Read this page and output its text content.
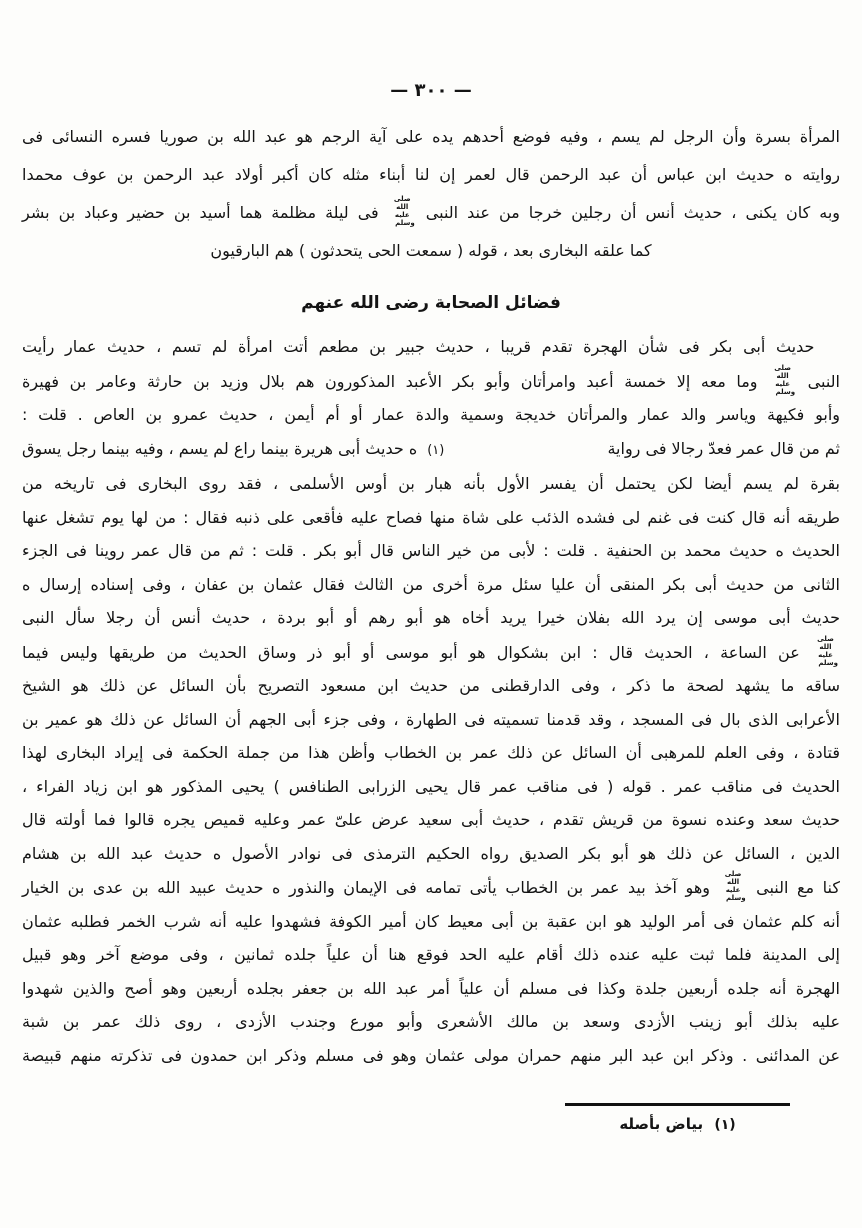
— ٣٠٠ —
المرأة بسرة وأن الرجل لم يسم ، وفيه فوضع أحدهم يده على آية الرجم هو عبد الله بن صوريا فسره النسائى فى
روايته ه حديث ابن عباس أن عبد الرحمن قال لعمر إن لنا أبناء مثله كان أكبر أولاد عبد الرحمن بن عوف محمدا
وبه كان يكنى ، حديث أنس أن رجلين خرجا من عند النبى صلى الله عليه وسلم فى ليلة مظلمة هما أسيد بن حضير وعباد بن بشر
كما علقه البخارى بعد ، قوله ( سمعت الحى يتحدثون ) هم البارقيون
فضائل الصحابة رضى الله عنهم
حديث أبى بكر فى شأن الهجرة تقدم قريبا ، حديث جبير بن مطعم أتت امرأة لم تسم ، حديث عمار رأيت
النبى صلى الله عليه وسلم وما معه إلا خمسة أعبد وامرأتان وأبو بكر الأعبد المذكورون هم بلال وزيد بن حارثة وعامر بن فهيرة
وأبو فكيهة وياسر والد عمار والمرأتان خديجة وسمية والدة عمار أو أم أيمن ، حديث عمرو بن العاص . قلت :
ثم من قال عمر فعدّ رجالا فى رواية
(١)
ه حديث أبى هريرة بينما راع لم يسم ، وفيه بينما رجل يسوق
بقرة لم يسم أيضا لكن يحتمل أن يفسر الأول بأنه هبار بن أوس الأسلمى ، فقد روى البخارى فى تاريخه من
طريقه أنه قال كنت فى غنم لى فشده الذئب على شاة منها فصاح عليه فأقعى على ذنبه فقال : من لها يوم تشغل عنها
الحديث ه حديث محمد بن الحنفية . قلت : لأبى من خير الناس قال أبو بكر . قلت : ثم من قال عمر روينا فى الجزء
الثانى من حديث أبى بكر المنقى أن عليا سئل مرة أخرى من الثالث فقال عثمان بن عفان ، وفى إسناده إرسال ه
حديث أبى موسى إن يرد الله بفلان خيرا يريد أخاه هو أبو رهم أو أبو بردة ، حديث أنس أن رجلا سأل النبى
صلى الله عليه وسلم عن الساعة ، الحديث قال : ابن بشكوال هو أبو موسى أو أبو ذر وساق الحديث من طريقها وليس فيما
ساقه ما يشهد لصحة ما ذكر ، وفى الدارقطنى من حديث ابن مسعود التصريح بأن السائل عن ذلك هو الشيخ
الأعرابى الذى بال فى المسجد ، وقد قدمنا تسميته فى الطهارة ، وفى جزء أبى الجهم أن السائل عن ذلك هو عمير بن
قتادة ، وفى العلم للمرهبى أن السائل عن ذلك عمر بن الخطاب وأظن هذا من جملة الحكمة فى إيراد البخارى لهذا
الحديث فى مناقب عمر . قوله ( فى مناقب عمر قال يحيى الزرابى الطنافس ) يحيى المذكور هو ابن زياد الفراء ،
حديث سعد وعنده نسوة من قريش تقدم ، حديث أبى سعيد عرض علىّ عمر وعليه قميص يجره قالوا فما أولته قال
الدين ، السائل عن ذلك هو أبو بكر الصديق رواه الحكيم الترمذى فى نوادر الأصول ه حديث عبد الله بن هشام
كنا مع النبى صلى الله عليه وسلم وهو آخذ بيد عمر بن الخطاب يأتى تمامه فى الإيمان والنذور ه حديث عبيد الله بن عدى بن الخيار
أنه كلم عثمان فى أمر الوليد هو ابن عقبة بن أبى معيط كان أمير الكوفة فشهدوا عليه أنه شرب الخمر فطلبه عثمان
إلى المدينة فلما ثبت عليه عنده ذلك أقام عليه الحد فوقع هنا أن علياً جلده ثمانين ، وفى موضع آخر وهو قبيل
الهجرة أنه جلده أربعين جلدة وكذا فى مسلم أن علياً أمر عبد الله بن جعفر بجلده أربعين وهو أصح والذين شهدوا
عليه بذلك أبو زينب الأزدى وسعد بن مالك الأشعرى وأبو مورع وجندب الأزدى ، روى ذلك عمر بن شبة
عن المدائنى . وذكر ابن عبد البر منهم حمران مولى عثمان وهو فى مسلم وذكر ابن حمدون فى تذكرته منهم قبيصة
(١) بياض بأصله
